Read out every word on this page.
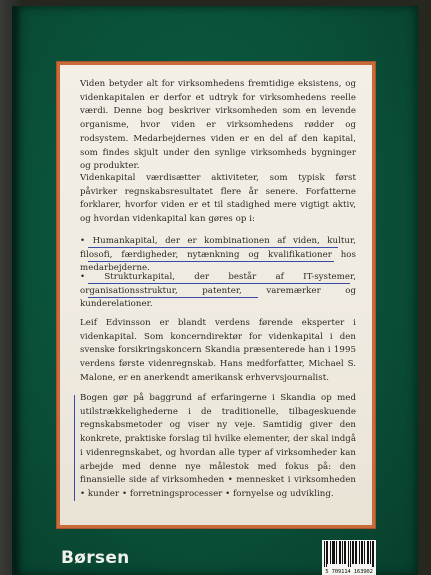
Viden betyder alt for virksomhedens fremtidige eksistens, og videnkapitalen er derfor et udtryk for virksomhedens reelle værdi. Denne bog beskriver virksomheden som en levende organisme, hvor viden er virksomhedens rødder og rodsystem. Medarbejdernes viden er en del af den kapital, som findes skjult under den synlige virksomheds bygninger og produkter.

Videnkapital værdisætter aktiviteter, som typisk først påvirker regnskabsresultatet flere år senere. Forfatterne forklarer, hvorfor viden er et til stadighed mere vigtigt aktiv, og hvordan videnkapital kan gøres op i:

• Humankapital, der er kombinationen af viden, kultur, filosofi, færdigheder, nytænkning og kvalifikationer hos medarbejderne.

• Strukturkapital, der består af IT-systemer, organisationsstruktur, patenter, varemærker og kunderelationer.

Leif Edvinsson er blandt verdens førende eksperter i videnkapital. Som koncerndirektør for videnkapital i den svenske forsikringskoncern Skandia præsenterede han i 1995 verdens første videnregnskab. Hans medforfatter, Michael S. Malone, er en anerkendt amerikansk erhvervsjournalist.

Bogen gør på baggrund af erfaringerne i Skandia op med utilstrækkelighederne i de traditionelle, tilbageskuende regnskabsmetoder og viser ny veje. Samtidig giver den konkrete, praktiske forslag til hvilke elementer, der skal indgå i videnregnskabet, og hvordan alle typer af virksomheder kan arbejde med denne nye målestok med fokus på: den finansielle side af virksomheden • mennesket i virksomheden • kunder • forretningsprocesser • fornyelse og udvikling.

Børsen
5 709114 163902
